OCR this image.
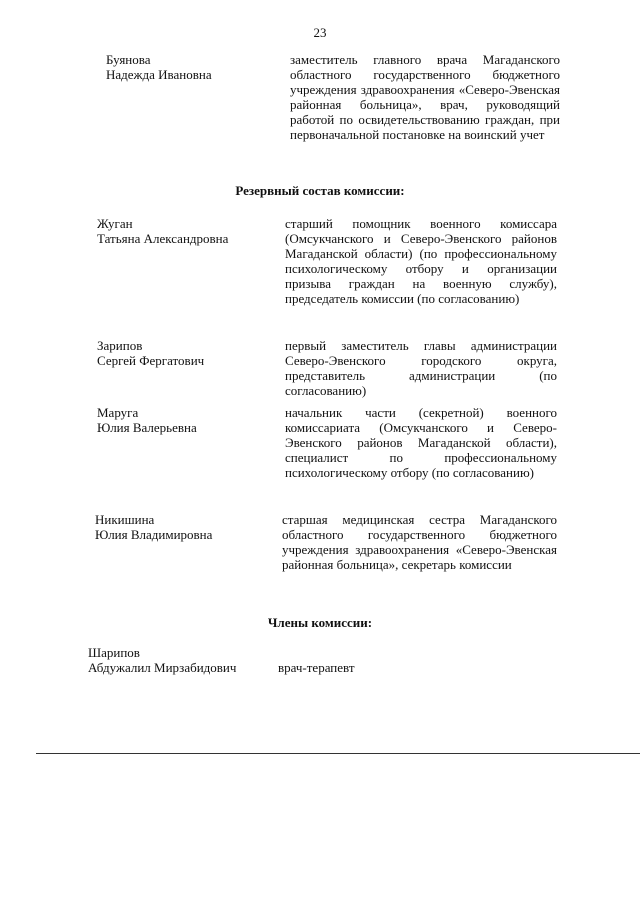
23
Буянова
Надежда Ивановна
заместитель главного врача Магаданского областного государственного бюджетного учреждения здравоохранения «Северо-Эвенская районная больница», врач, руководящий работой по освидетельствованию граждан, при первоначальной постановке на воинский учет
Резервный состав комиссии:
Жуган
Татьяна Александровна
старший помощник военного комиссара (Омсукчанского и Северо-Эвенского районов Магаданской области) (по профессиональному психологическому отбору и организации призыва граждан на военную службу), председатель комиссии (по согласованию)
Зарипов
Сергей Фергатович
первый заместитель главы администрации Северо-Эвенского городского округа, представитель администрации (по согласованию)
Маруга
Юлия Валерьевна
начальник части (секретной) военного комиссариата (Омсукчанского и Северо-Эвенского районов Магаданской области), специалист по профессиональному психологическому отбору (по согласованию)
Никишина
Юлия Владимировна
старшая медицинская сестра Магаданского областного государственного бюджетного учреждения здравоохранения «Северо-Эвенская районная больница», секретарь комиссии
Члены комиссии:
Шарипов
Абдужалил Мирзабидович	врач-терапевт
